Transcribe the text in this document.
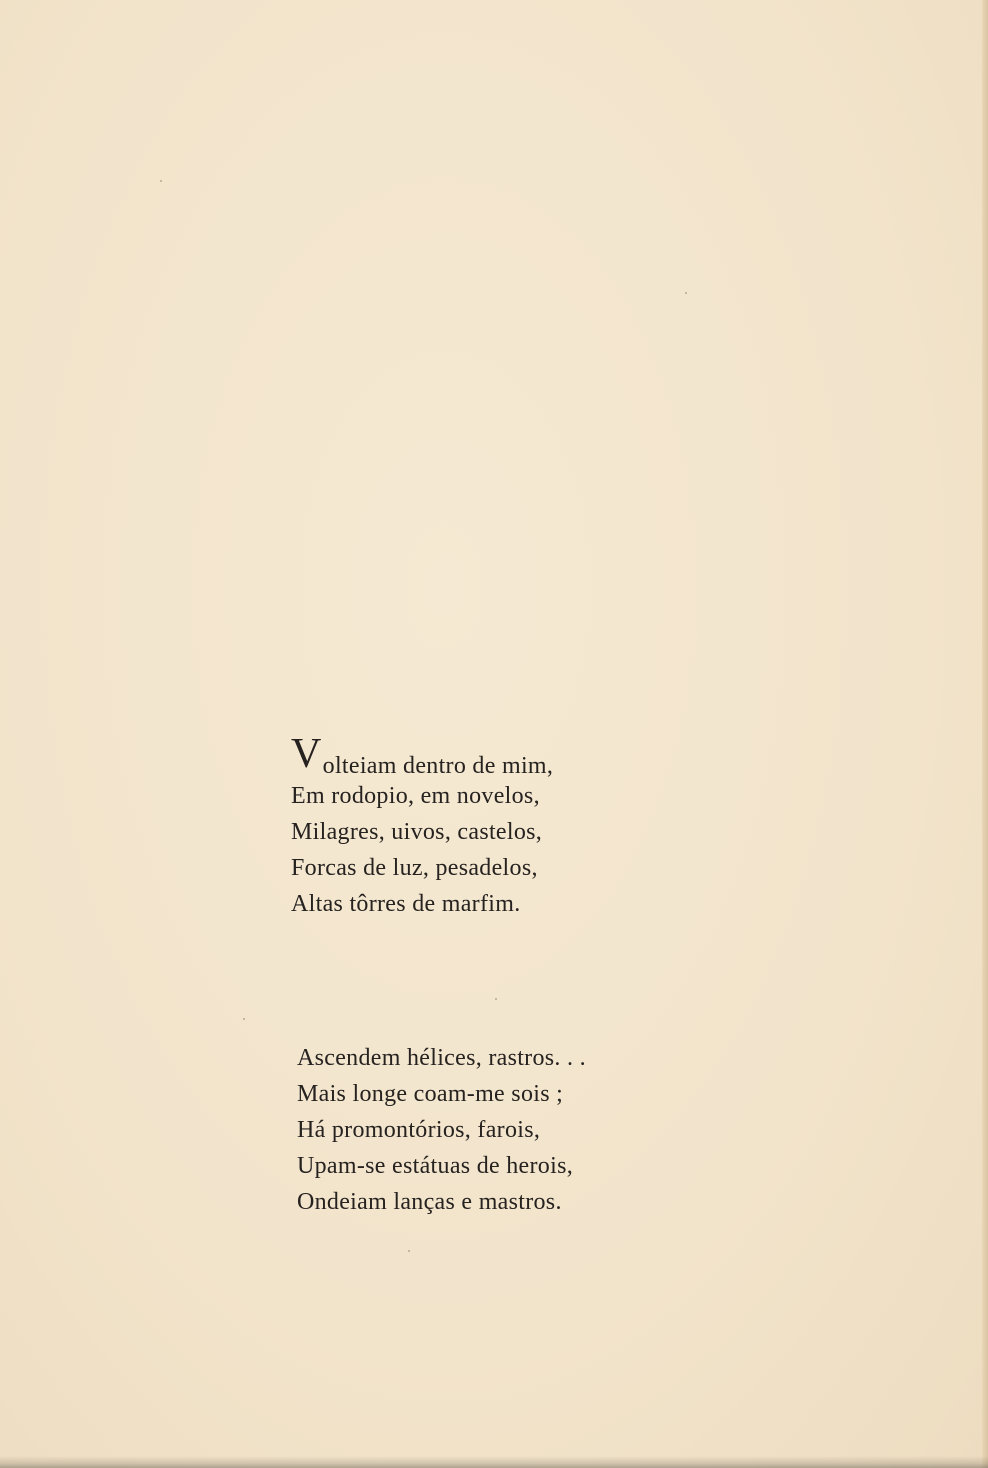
Volteiam dentro de mim,
Em rodopio, em novelos,
Milagres, uivos, castelos,
Forcas de luz, pesadelos,
Altas tôrres de marfim.
Ascendem hélices, rastros. . .
Mais longe coam-me sois ;
Há promontórios, farois,
Upam-se estátuas de herois,
Ondeiam lanças e mastros.
